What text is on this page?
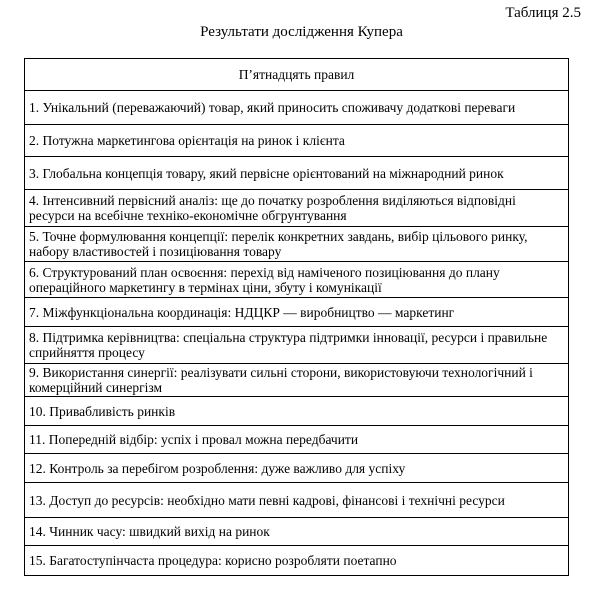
Таблиця 2.5
Результати дослідження Купера
П’ятнадцять правил
1. Унікальний (переважаючий) товар, який приносить споживачу додаткові переваги
2. Потужна маркетингова орієнтація на ринок і клієнта
3. Глобальна концепція товару, який первісне орієнтований на міжнародний ринок
4. Інтенсивний первісний аналіз: ще до початку розроблення виділяються відповідні ресурси на всебічне техніко-економічне обгрунтування
5. Точне формулювання концепції: перелік конкретних завдань, вибір цільового ринку, набору властивостей і позиціювання товару
6. Структурований план освоєння: перехід від наміченого позиціювання до плану операційного маркетингу в термінах ціни, збуту і комунікації
7. Міжфункціональна координація: НДЦКР — виробництво — маркетинг
8. Підтримка керівництва: спеціальна структура підтримки інновації, ресурси і правильне сприйняття процесу
9. Використання синергії: реалізувати сильні сторони, використовуючи технологічний і комерційний синергізм
10. Привабливість ринків
11. Попередній відбір: успіх і провал можна передбачити
12. Контроль за перебігом розроблення: дуже важливо для успіху
13. Доступ до ресурсів: необхідно мати певні кадрові, фінансові і технічні ресурси
14. Чинник часу: швидкий вихід на ринок
15. Багатоступінчаста процедура: корисно розробляти поетапно
